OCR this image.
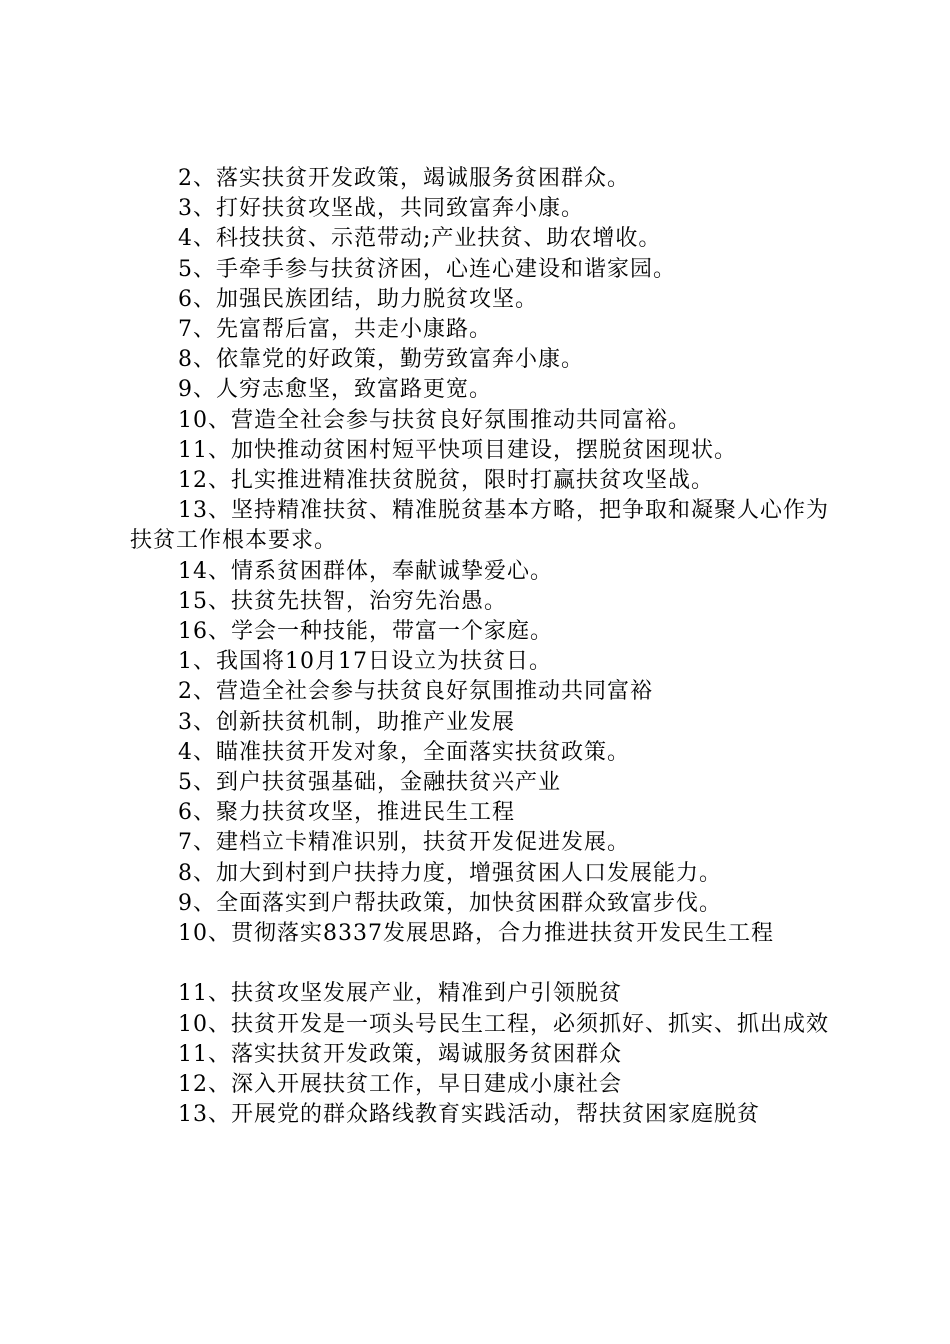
2、落实扶贫开发政策，竭诚服务贫困群众。

3、打好扶贫攻坚战，共同致富奔小康。

4、科技扶贫、示范带动;产业扶贫、助农增收。

5、手牵手参与扶贫济困，心连心建设和谐家园。

6、加强民族团结，助力脱贫攻坚。

7、先富帮后富，共走小康路。

8、依靠党的好政策，勤劳致富奔小康。

9、人穷志愈坚，致富路更宽。

10、营造全社会参与扶贫良好氛围推动共同富裕。

11、加快推动贫困村短平快项目建设，摆脱贫困现状。

12、扎实推进精准扶贫脱贫，限时打赢扶贫攻坚战。

13、坚持精准扶贫、精准脱贫基本方略，把争取和凝聚人心作为扶贫工作根本要求。

14、情系贫困群体，奉献诚挚爱心。

15、扶贫先扶智，治穷先治愚。

16、学会一种技能，带富一个家庭。

1、我国将10月17日设立为扶贫日。

2、营造全社会参与扶贫良好氛围推动共同富裕

3、创新扶贫机制，助推产业发展

4、瞄准扶贫开发对象，全面落实扶贫政策。

5、到户扶贫强基础，金融扶贫兴产业

6、聚力扶贫攻坚，推进民生工程

7、建档立卡精准识别，扶贫开发促进发展。

8、加大到村到户扶持力度，增强贫困人口发展能力。

9、全面落实到户帮扶政策，加快贫困群众致富步伐。

10、贯彻落实8337发展思路，合力推进扶贫开发民生工程

11、扶贫攻坚发展产业，精准到户引领脱贫

10、扶贫开发是一项头号民生工程，必须抓好、抓实、抓出成效

11、落实扶贫开发政策，竭诚服务贫困群众

12、深入开展扶贫工作，早日建成小康社会

13、开展党的群众路线教育实践活动，帮扶贫困家庭脱贫
